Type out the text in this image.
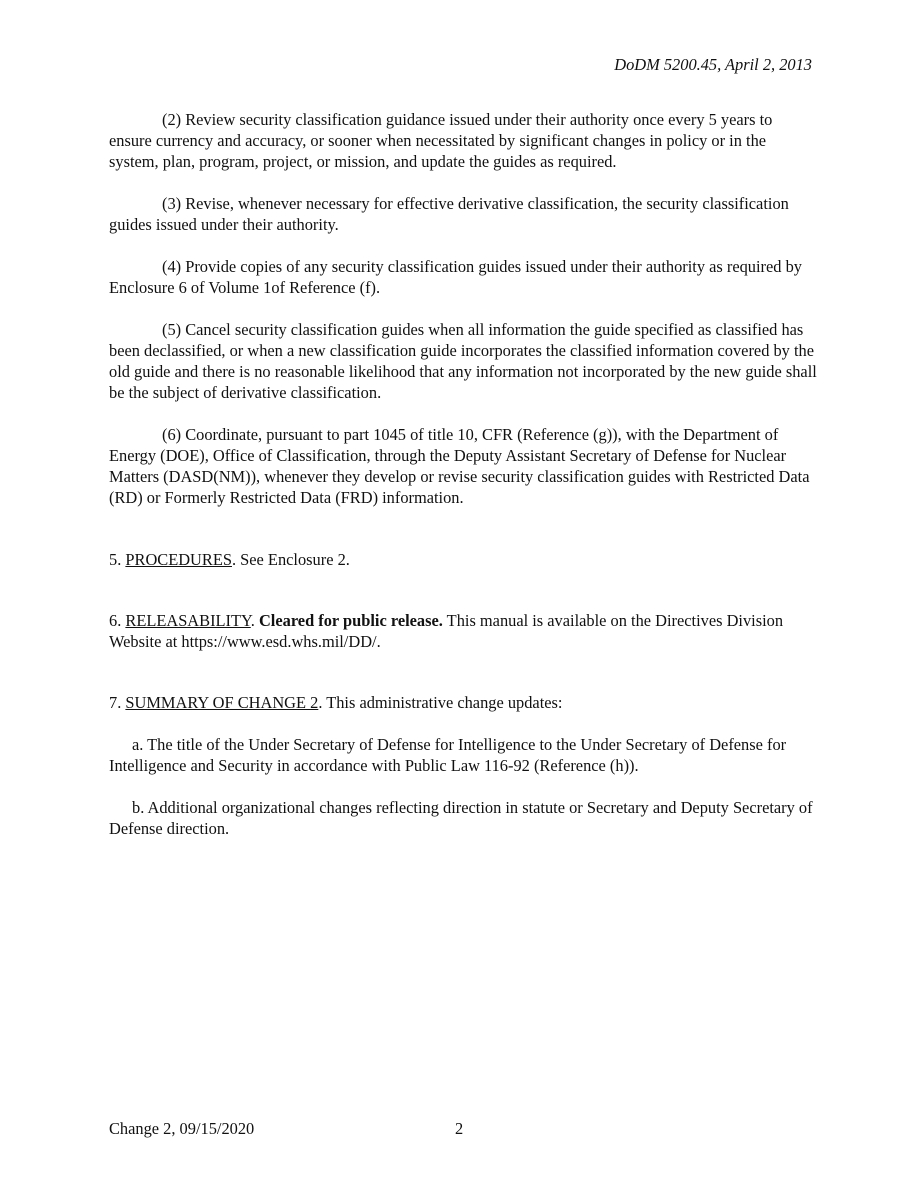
DoDM 5200.45, April 2, 2013

(2) Review security classification guidance issued under their authority once every 5 years to ensure currency and accuracy, or sooner when necessitated by significant changes in policy or in the system, plan, program, project, or mission, and update the guides as required.

(3) Revise, whenever necessary for effective derivative classification, the security classification guides issued under their authority.

(4) Provide copies of any security classification guides issued under their authority as required by Enclosure 6 of Volume 1of Reference (f).

(5) Cancel security classification guides when all information the guide specified as classified has been declassified, or when a new classification guide incorporates the classified information covered by the old guide and there is no reasonable likelihood that any information not incorporated by the new guide shall be the subject of derivative classification.

(6) Coordinate, pursuant to part 1045 of title 10, CFR (Reference (g)), with the Department of Energy (DOE), Office of Classification, through the Deputy Assistant Secretary of Defense for Nuclear Matters (DASD(NM)), whenever they develop or revise security classification guides with Restricted Data (RD) or Formerly Restricted Data (FRD) information.

5. PROCEDURES. See Enclosure 2.

6. RELEASABILITY. Cleared for public release. This manual is available on the Directives Division Website at https://www.esd.whs.mil/DD/.

7. SUMMARY OF CHANGE 2. This administrative change updates:

a. The title of the Under Secretary of Defense for Intelligence to the Under Secretary of Defense for Intelligence and Security in accordance with Public Law 116-92 (Reference (h)).

b. Additional organizational changes reflecting direction in statute or Secretary and Deputy Secretary of Defense direction.

Change 2, 09/15/2020	2
